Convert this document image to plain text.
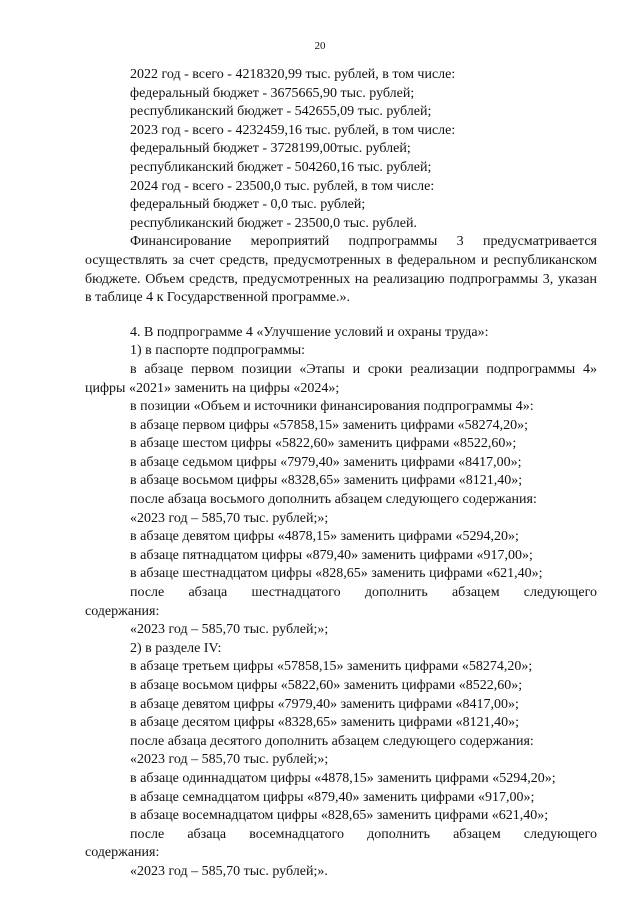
20
2022 год - всего - 4218320,99 тыс. рублей, в том числе:
федеральный бюджет - 3675665,90 тыс. рублей;
республиканский бюджет - 542655,09 тыс. рублей;
2023 год - всего - 4232459,16 тыс. рублей, в том числе:
федеральный бюджет - 3728199,00тыс. рублей;
республиканский бюджет - 504260,16 тыс. рублей;
2024 год - всего - 23500,0 тыс. рублей, в том числе:
федеральный бюджет - 0,0 тыс. рублей;
республиканский бюджет - 23500,0 тыс. рублей.
Финансирование мероприятий подпрограммы 3 предусматривается осуществлять за счет средств, предусмотренных в федеральном и республиканском бюджете. Объем средств, предусмотренных на реализацию подпрограммы 3, указан в таблице 4 к Государственной программе.».
4. В подпрограмме 4 «Улучшение условий и охраны труда»:
1) в паспорте подпрограммы:
в абзаце первом позиции «Этапы и сроки реализации подпрограммы 4»
цифры «2021» заменить на цифры «2024»;
в позиции «Объем и источники финансирования подпрограммы 4»:
в абзаце первом цифры «57858,15» заменить цифрами «58274,20»;
в абзаце шестом цифры «5822,60» заменить цифрами «8522,60»;
в абзаце седьмом цифры «7979,40» заменить цифрами «8417,00»;
в абзаце восьмом цифры «8328,65» заменить цифрами «8121,40»;
после абзаца восьмого дополнить абзацем следующего содержания:
«2023 год – 585,70 тыс. рублей;»;
в абзаце девятом цифры «4878,15» заменить цифрами «5294,20»;
в абзаце пятнадцатом цифры «879,40» заменить цифрами «917,00»;
в абзаце шестнадцатом цифры «828,65» заменить цифрами «621,40»;
после абзаца шестнадцатого дополнить абзацем следующего
содержания:
«2023 год – 585,70 тыс. рублей;»;
2) в разделе IV:
в абзаце третьем цифры «57858,15» заменить цифрами «58274,20»;
в абзаце восьмом цифры «5822,60» заменить цифрами «8522,60»;
в абзаце девятом цифры «7979,40» заменить цифрами «8417,00»;
в абзаце десятом цифры «8328,65» заменить цифрами «8121,40»;
после абзаца десятого дополнить абзацем следующего содержания:
«2023 год – 585,70 тыс. рублей;»;
в абзаце одиннадцатом цифры «4878,15» заменить цифрами «5294,20»;
в абзаце семнадцатом цифры «879,40» заменить цифрами «917,00»;
в абзаце восемнадцатом цифры «828,65» заменить цифрами «621,40»;
после абзаца восемнадцатого дополнить абзацем следующего
содержания:
«2023 год – 585,70 тыс. рублей;».
